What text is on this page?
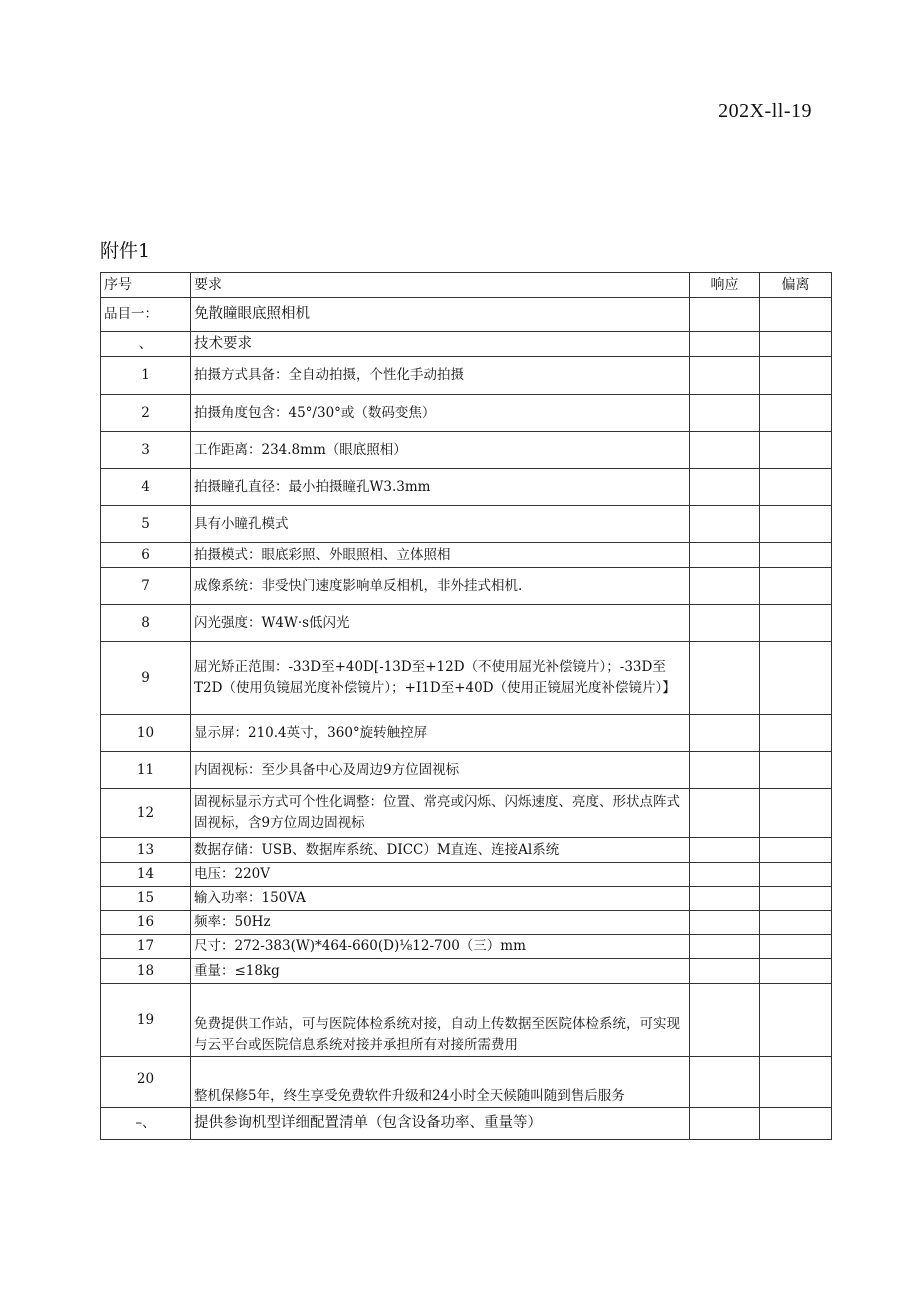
202X-ll-19
附件1
序号	要求	响应	偏离
品目一：	免散瞳眼底照相机		
、	技术要求		
1	拍摄方式具备：全自动拍摄，个性化手动拍摄		
2	拍摄角度包含：45°/30°或（数码变焦）		
3	工作距离：234.8mm（眼底照相）		
4	拍摄瞳孔直径：最小拍摄瞳孔W3.3mm		
5	具有小瞳孔模式		
6	拍摄模式：眼底彩照、外眼照相、立体照相		
7	成像系统：非受快门速度影响单反相机，非外挂式相机.		
8	闪光强度：W4W·s低闪光		
9	屈光矫正范围：-33D至+40D[-13D至+12D（不使用屈光补偿镜片）；-33D至T2D（使用负镜屈光度补偿镜片）；+I1D至+40D（使用正镜屈光度补偿镜片）】		
10	显示屏：210.4英寸，360°旋转触控屏		
11	内固视标：至少具备中心及周边9方位固视标		
12	固视标显示方式可个性化调整：位置、常亮或闪烁、闪烁速度、亮度、形状点阵式固视标，含9方位周边固视标		
13	数据存储：USB、数据库系统、DICC）M直连、连接Al系统		
14	电压：220V		
15	输入功率：150VA		
16	频率：50Hz		
17	尺寸：272-383(W)*464-660(D)⅛12-700（三）mm		
18	重量：≤18kg		
19	免费提供工作站，可与医院体检系统对接，自动上传数据至医院体检系统，可实现与云平台或医院信息系统对接并承担所有对接所需费用		
20	整机保修5年，终生享受免费软件升级和24小时全天候随叫随到售后服务		
–、	提供参询机型详细配置清单（包含设备功率、重量等）		
